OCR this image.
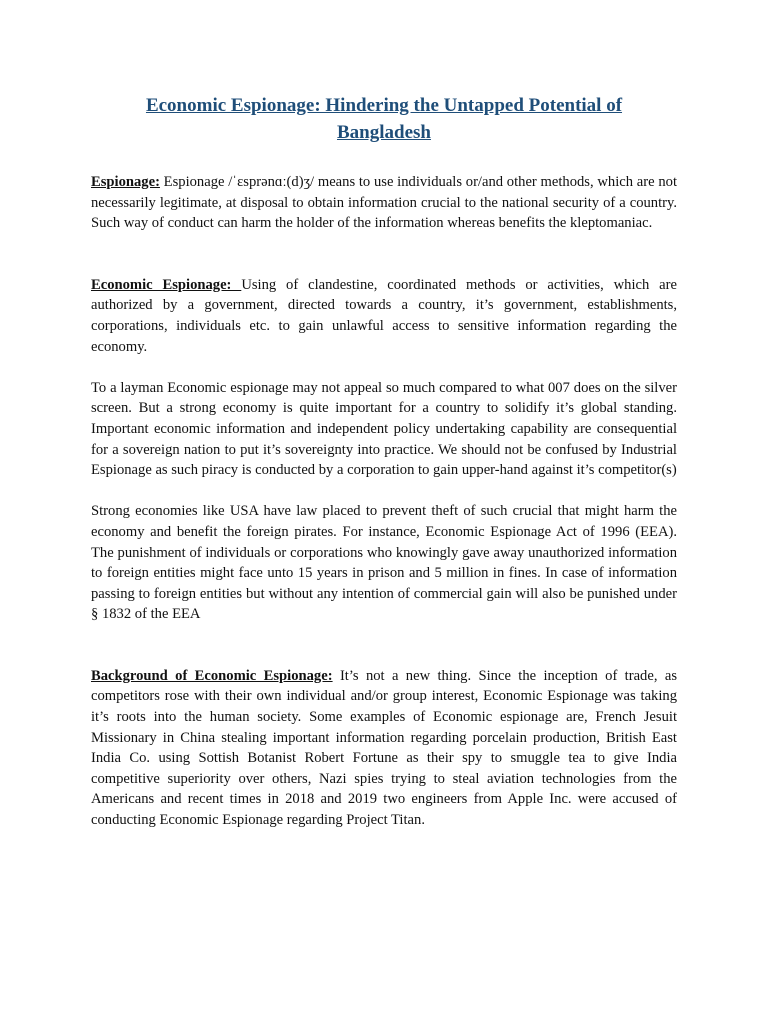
Economic Espionage: Hindering the Untapped Potential of Bangladesh

Espionage: Espionage /ˈɛsprənɑː(d)ʒ/ means to use individuals or/and other methods, which are not necessarily legitimate, at disposal to obtain information crucial to the national security of a country. Such way of conduct can harm the holder of the information whereas benefits the kleptomaniac.

Economic Espionage: Using of clandestine, coordinated methods or activities, which are authorized by a government, directed towards a country, it’s government, establishments, corporations, individuals etc. to gain unlawful access to sensitive information regarding the economy.

To a layman Economic espionage may not appeal so much compared to what 007 does on the silver screen. But a strong economy is quite important for a country to solidify it’s global standing. Important economic information and independent policy undertaking capability are consequential for a sovereign nation to put it’s sovereignty into practice. We should not be confused by Industrial Espionage as such piracy is conducted by a corporation to gain upper-hand against it’s competitor(s)

Strong economies like USA have law placed to prevent theft of such crucial that might harm the economy and benefit the foreign pirates. For instance, Economic Espionage Act of 1996 (EEA). The punishment of individuals or corporations who knowingly gave away unauthorized information to foreign entities might face unto 15 years in prison and 5 million in fines. In case of information passing to foreign entities but without any intention of commercial gain will also be punished under § 1832 of the EEA

Background of Economic Espionage: It’s not a new thing. Since the inception of trade, as competitors rose with their own individual and/or group interest, Economic Espionage was taking it’s roots into the human society. Some examples of Economic espionage are, French Jesuit Missionary in China stealing important information regarding porcelain production, British East India Co. using Sottish Botanist Robert Fortune as their spy to smuggle tea to give India competitive superiority over others, Nazi spies trying to steal aviation technologies from the Americans and recent times in 2018 and 2019 two engineers from Apple Inc. were accused of conducting Economic Espionage regarding Project Titan.
